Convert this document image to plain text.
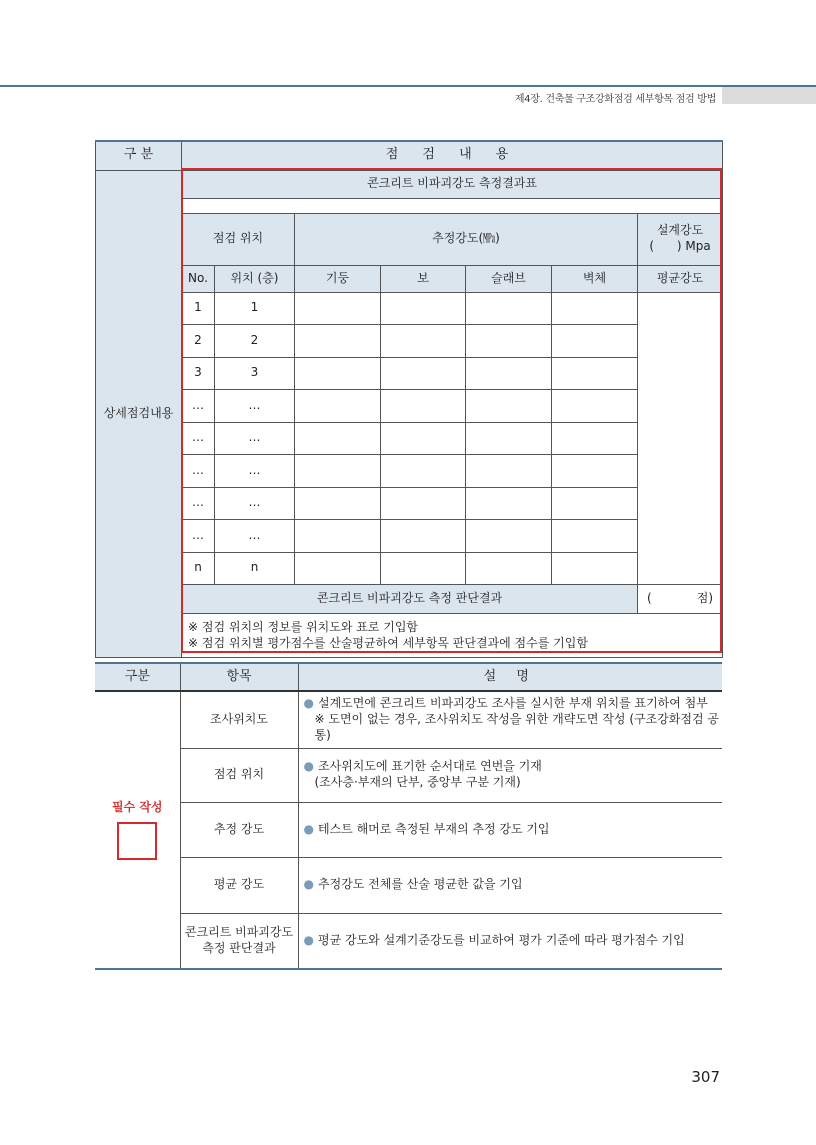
제4장. 건축물 구조강화점검 세부항목 점검 방법
구 분	점 검 내 용						
상세점검내용	콘크리트 비파괴강도 측정결과표						

	점검 위치		추정강도(㎫)				설계강도
(      ) Mpa

	No.	위치 (층)	기둥	보	슬래브	벽체	평균강도
	1	1					
	2	2					
	3	3					
	…	…					
	…	…					
	…	…					
	…	…					
	…	…					
	n	n					
	콘크리트 비파괴강도 측정 판단결과						( 점)

	※ 점검 위치의 정보를 위치도와 표로 기입함
※ 점검 위치별 평가점수를 산술평균하여 세부항목 판단결과에 점수를 기입함						
구분	항목	설 명

필수 작성	조사위치도	● 설계도면에 콘크리트 비파괴강도 조사를 실시한 부재 위치를 표기하여 첨부
※ 도면이 없는 경우, 조사위치도 작성을 위한 개략도면 작성 (구조강화점검 공통)

	점검 위치	● 조사위치도에 표기한 순서대로 연번을 기재
(조사층·부재의 단부, 중앙부 구분 기재)

	추정 강도	● 테스트 해머로 측정된 부재의 추정 강도 기입

	평균 강도	● 추정강도 전체를 산술 평균한 값을 기입

	콘크리트 비파괴강도
측정 판단결과	● 평균 강도와 설계기준강도를 비교하여 평가 기준에 따라 평가점수 기입
307
